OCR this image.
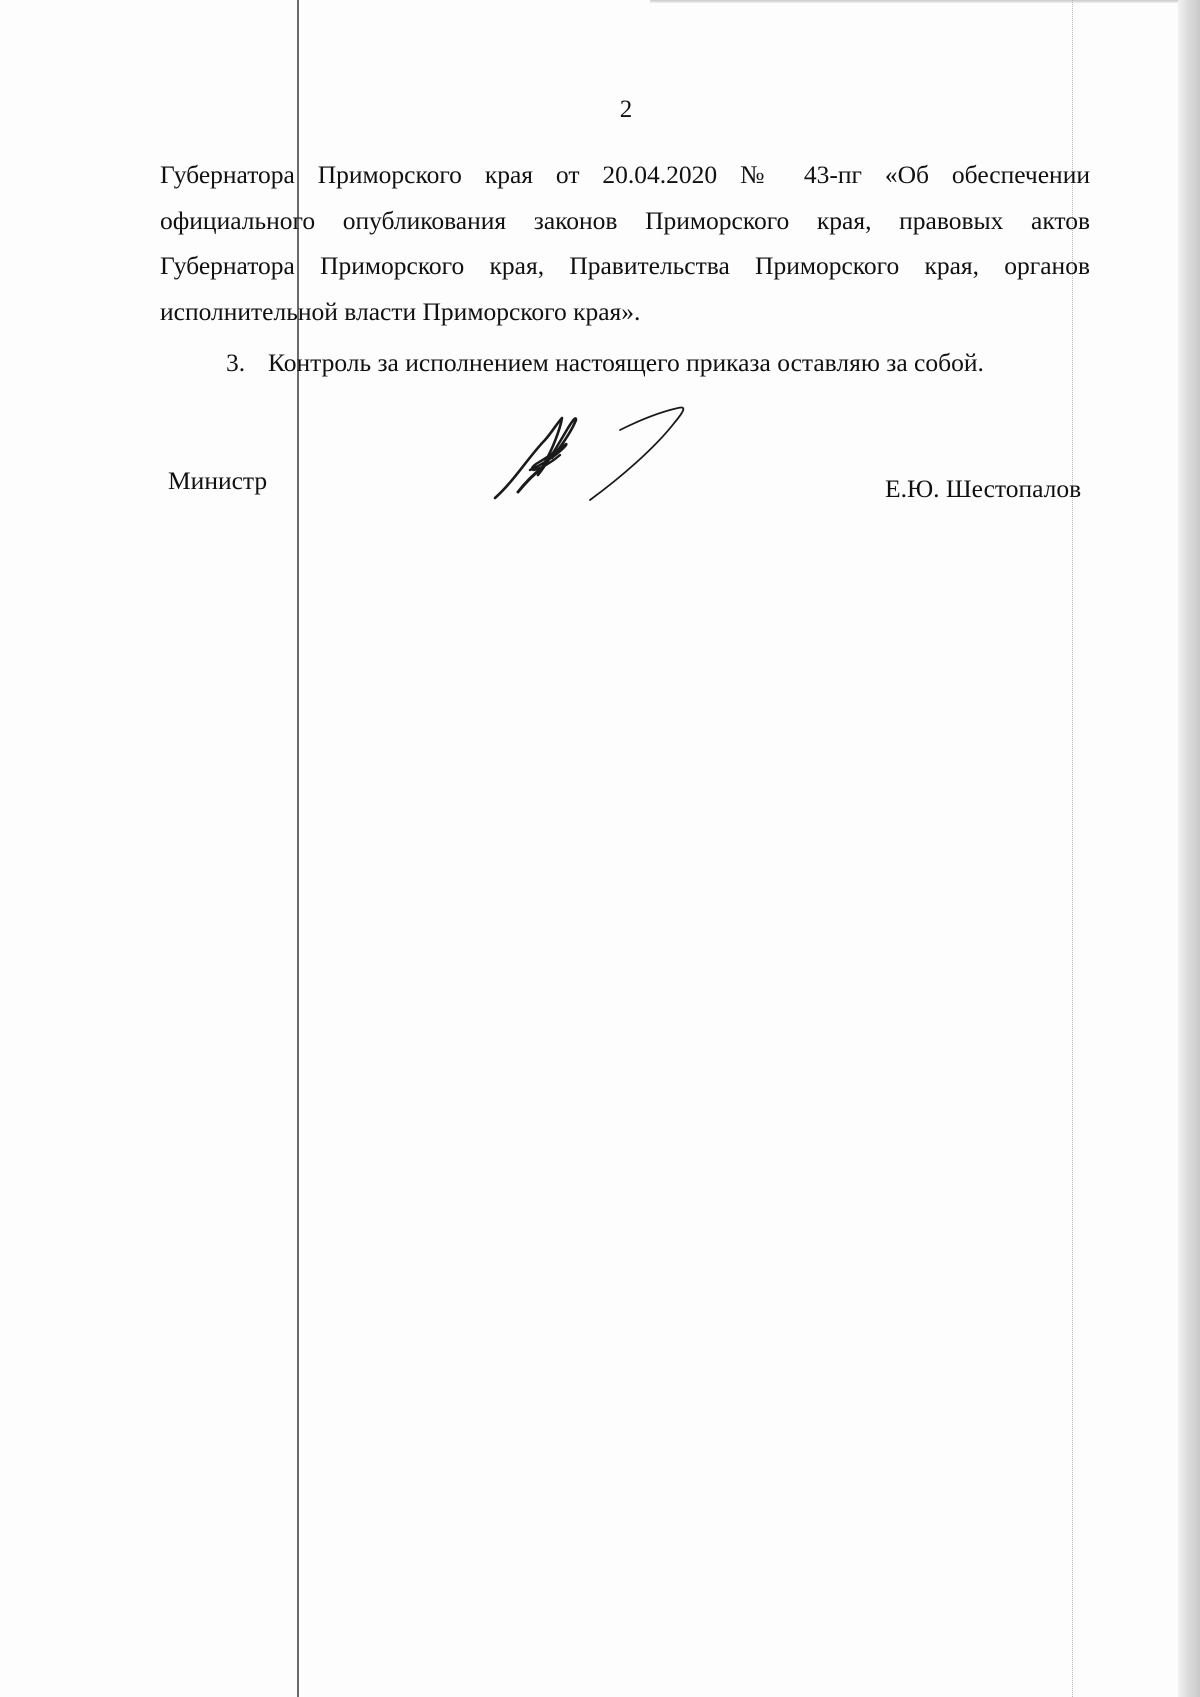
2

Губернатора Приморского края от 20.04.2020 № 43-пг «Об обеспечении официального опубликования законов Приморского края, правовых актов Губернатора Приморского края, Правительства Приморского края, органов исполнительной власти Приморского края».

3. Контроль за исполнением настоящего приказа оставляю за собой.
Министр	Е.Ю. Шестопалов
